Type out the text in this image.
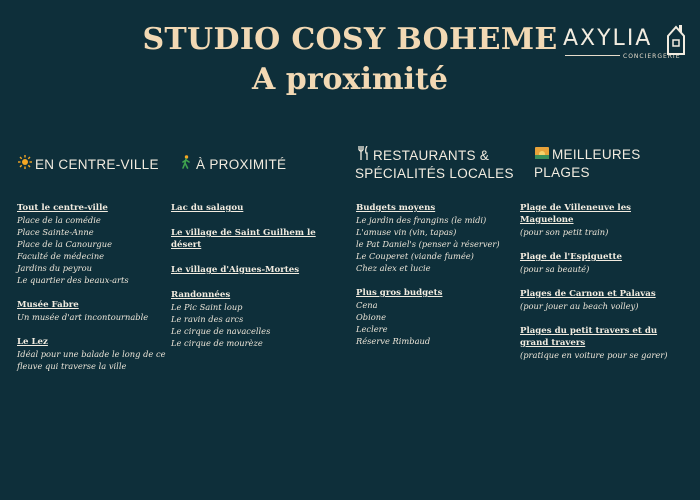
STUDIO COSY BOHEME
A proximité
AXYLIA
CONCIERGERIE
EN CENTRE-VILLE
Tout le centre-ville
Place de la comédie
Place Sainte-Anne
Place de la Canourgue
Faculté de médecine
Jardins du peyrou
Le quartier des beaux-arts
Musée Fabre
Un musée d'art incontournable
Le Lez
Idéal pour une balade le long de ce
fleuve qui traverse la ville
À PROXIMITÉ
Lac du salagou
Le village de Saint Guilhem le
désert
Le village d'Aigues-Mortes
Randonnées
Le Pic Saint loup
Le ravin des arcs
Le cirque de navacelles
Le cirque de mourèze
RESTAURANTS &
SPÉCIALITÉS LOCALES
Budgets moyens
Le jardin des frangins (le midi)
L'amuse vin (vin, tapas)
le Pat Daniel's (penser à réserver)
Le Couperet (viande fumée)
Chez alex et lucie
Plus gros budgets
Cena
Obione
Leclere
Réserve Rimbaud
MEILLEURES
PLAGES
Plage de Villeneuve les
Maguelone
(pour son petit train)
Plage de l'Espiguette
(pour sa beauté)
Plages de Carnon et Palavas
(pour jouer au beach volley)
Plages du petit travers et du
grand travers
(pratique en voiture pour se garer)
